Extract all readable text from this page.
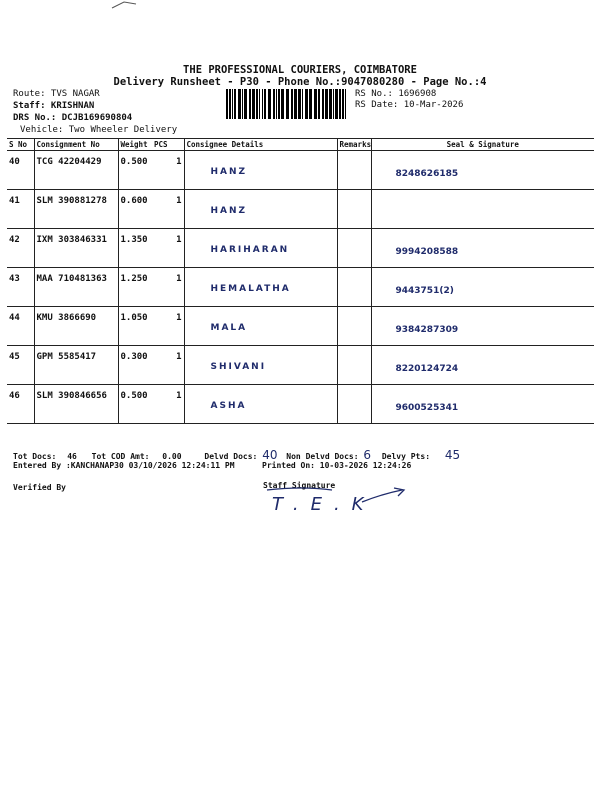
THE PROFESSIONAL COURIERS, COIMBATORE
Delivery Runsheet - P30 - Phone No.:9047080280 - Page No.:4
Route: TVS NAGAR
Staff: KRISHNAN
DRS No.: DCJB169690804
Vehicle: Two Wheeler Delivery
RS No.: 1696908
RS Date: 10-Mar-2026
S No	Consignment No	Weight	PCS	Consignee Details	Remarks	Seal & Signature
40	TCG 42204429	0.500	1	HANZ		8248626185
41	SLM 390881278	0.600	1	HANZ		
42	IXM 303846331	1.350	1	HARIHARAN		9994208588
43	MAA 710481363	1.250	1	HEMALATHA		9443751(2)
44	KMU 3866690	1.050	1	MALA		9384287309
45	GPM 5585417	0.300	1	SHIVANI		8220124724
46	SLM 390846656	0.500	1	ASHA		9600525341
Tot Docs: 46 Tot COD Amt: 0.00	Delvd Docs: 40 Non Delvd Docs: 6 Delvy Pts: 45
Entered By :KANCHANAP30 03/10/2026 12:24:11 PM	Printed On: 10-03-2026 12:24:26
Verified By	Staff Signature
T.E.K
